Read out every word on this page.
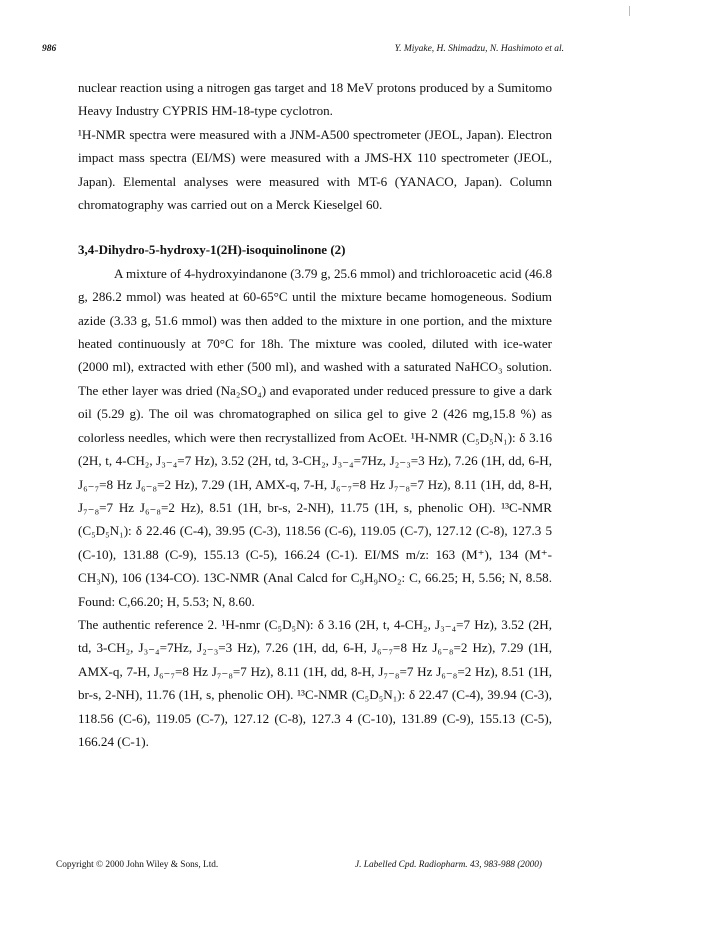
986	Y. Miyake, H. Shimadzu, N. Hashimoto et al.

nuclear reaction using a nitrogen gas target and 18 MeV protons produced by a Sumitomo Heavy Industry CYPRIS HM-18-type cyclotron.

¹H-NMR spectra were measured with a JNM-A500 spectrometer (JEOL, Japan). Electron impact mass spectra (EI/MS) were measured with a JMS-HX 110 spectrometer (JEOL, Japan). Elemental analyses were measured with MT-6 (YANACO, Japan). Column chromatography was carried out on a Merck Kieselgel 60.

3,4-Dihydro-5-hydroxy-1(2H)-isoquinolinone (2)

A mixture of 4-hydroxyindanone (3.79 g, 25.6 mmol) and trichloroacetic acid (46.8 g, 286.2 mmol) was heated at 60-65°C until the mixture became homogeneous. Sodium azide (3.33 g, 51.6 mmol) was then added to the mixture in one portion, and the mixture heated continuously at 70°C for 18h. The mixture was cooled, diluted with ice-water (2000 ml), extracted with ether (500 ml), and washed with a saturated NaHCO₃ solution. The ether layer was dried (Na₂SO₄) and evaporated under reduced pressure to give a dark oil (5.29 g). The oil was chromatographed on silica gel to give 2 (426 mg,15.8 %) as colorless needles, which were then recrystallized from AcOEt. ¹H-NMR (C₅D₅N₁): δ 3.16 (2H, t, 4-CH₂, J₃₋₄=7 Hz), 3.52 (2H, td, 3-CH₂, J₃₋₄=7Hz, J₂₋₃=3 Hz), 7.26 (1H, dd, 6-H, J₆₋₇=8 Hz J₆₋₈=2 Hz), 7.29 (1H, AMX-q, 7-H, J₆₋₇=8 Hz J₇₋₈=7 Hz), 8.11 (1H, dd, 8-H, J₇₋₈=7 Hz J₆₋₈=2 Hz), 8.51 (1H, br-s, 2-NH), 11.75 (1H, s, phenolic OH). ¹³C-NMR (C₅D₅N₁): δ 22.46 (C-4), 39.95 (C-3), 118.56 (C-6), 119.05 (C-7), 127.12 (C-8), 127.3 5 (C-10), 131.88 (C-9), 155.13 (C-5), 166.24 (C-1). EI/MS m/z: 163 (M⁺), 134 (M⁺-CH₃N), 106 (134-CO). 13C-NMR (Anal Calcd for C₉H₉NO₂: C, 66.25; H, 5.56; N, 8.58. Found: C,66.20; H, 5.53; N, 8.60.

The authentic reference 2. ¹H-nmr (C₅D₅N): δ 3.16 (2H, t, 4-CH₂, J₃₋₄=7 Hz), 3.52 (2H, td, 3-CH₂, J₃₋₄=7Hz, J₂₋₃=3 Hz), 7.26 (1H, dd, 6-H, J₆₋₇=8 Hz J₆₋₈=2 Hz), 7.29 (1H, AMX-q, 7-H, J₆₋₇=8 Hz J₇₋₈=7 Hz), 8.11 (1H, dd, 8-H, J₇₋₈=7 Hz J₆₋₈=2 Hz), 8.51 (1H, br-s, 2-NH), 11.76 (1H, s, phenolic OH). ¹³C-NMR (C₅D₅N₁): δ 22.47 (C-4), 39.94 (C-3), 118.56 (C-6), 119.05 (C-7), 127.12 (C-8), 127.3 4 (C-10), 131.89 (C-9), 155.13 (C-5), 166.24 (C-1).

Copyright © 2000 John Wiley & Sons, Ltd.	J. Labelled Cpd. Radiopharm. 43, 983-988 (2000)
